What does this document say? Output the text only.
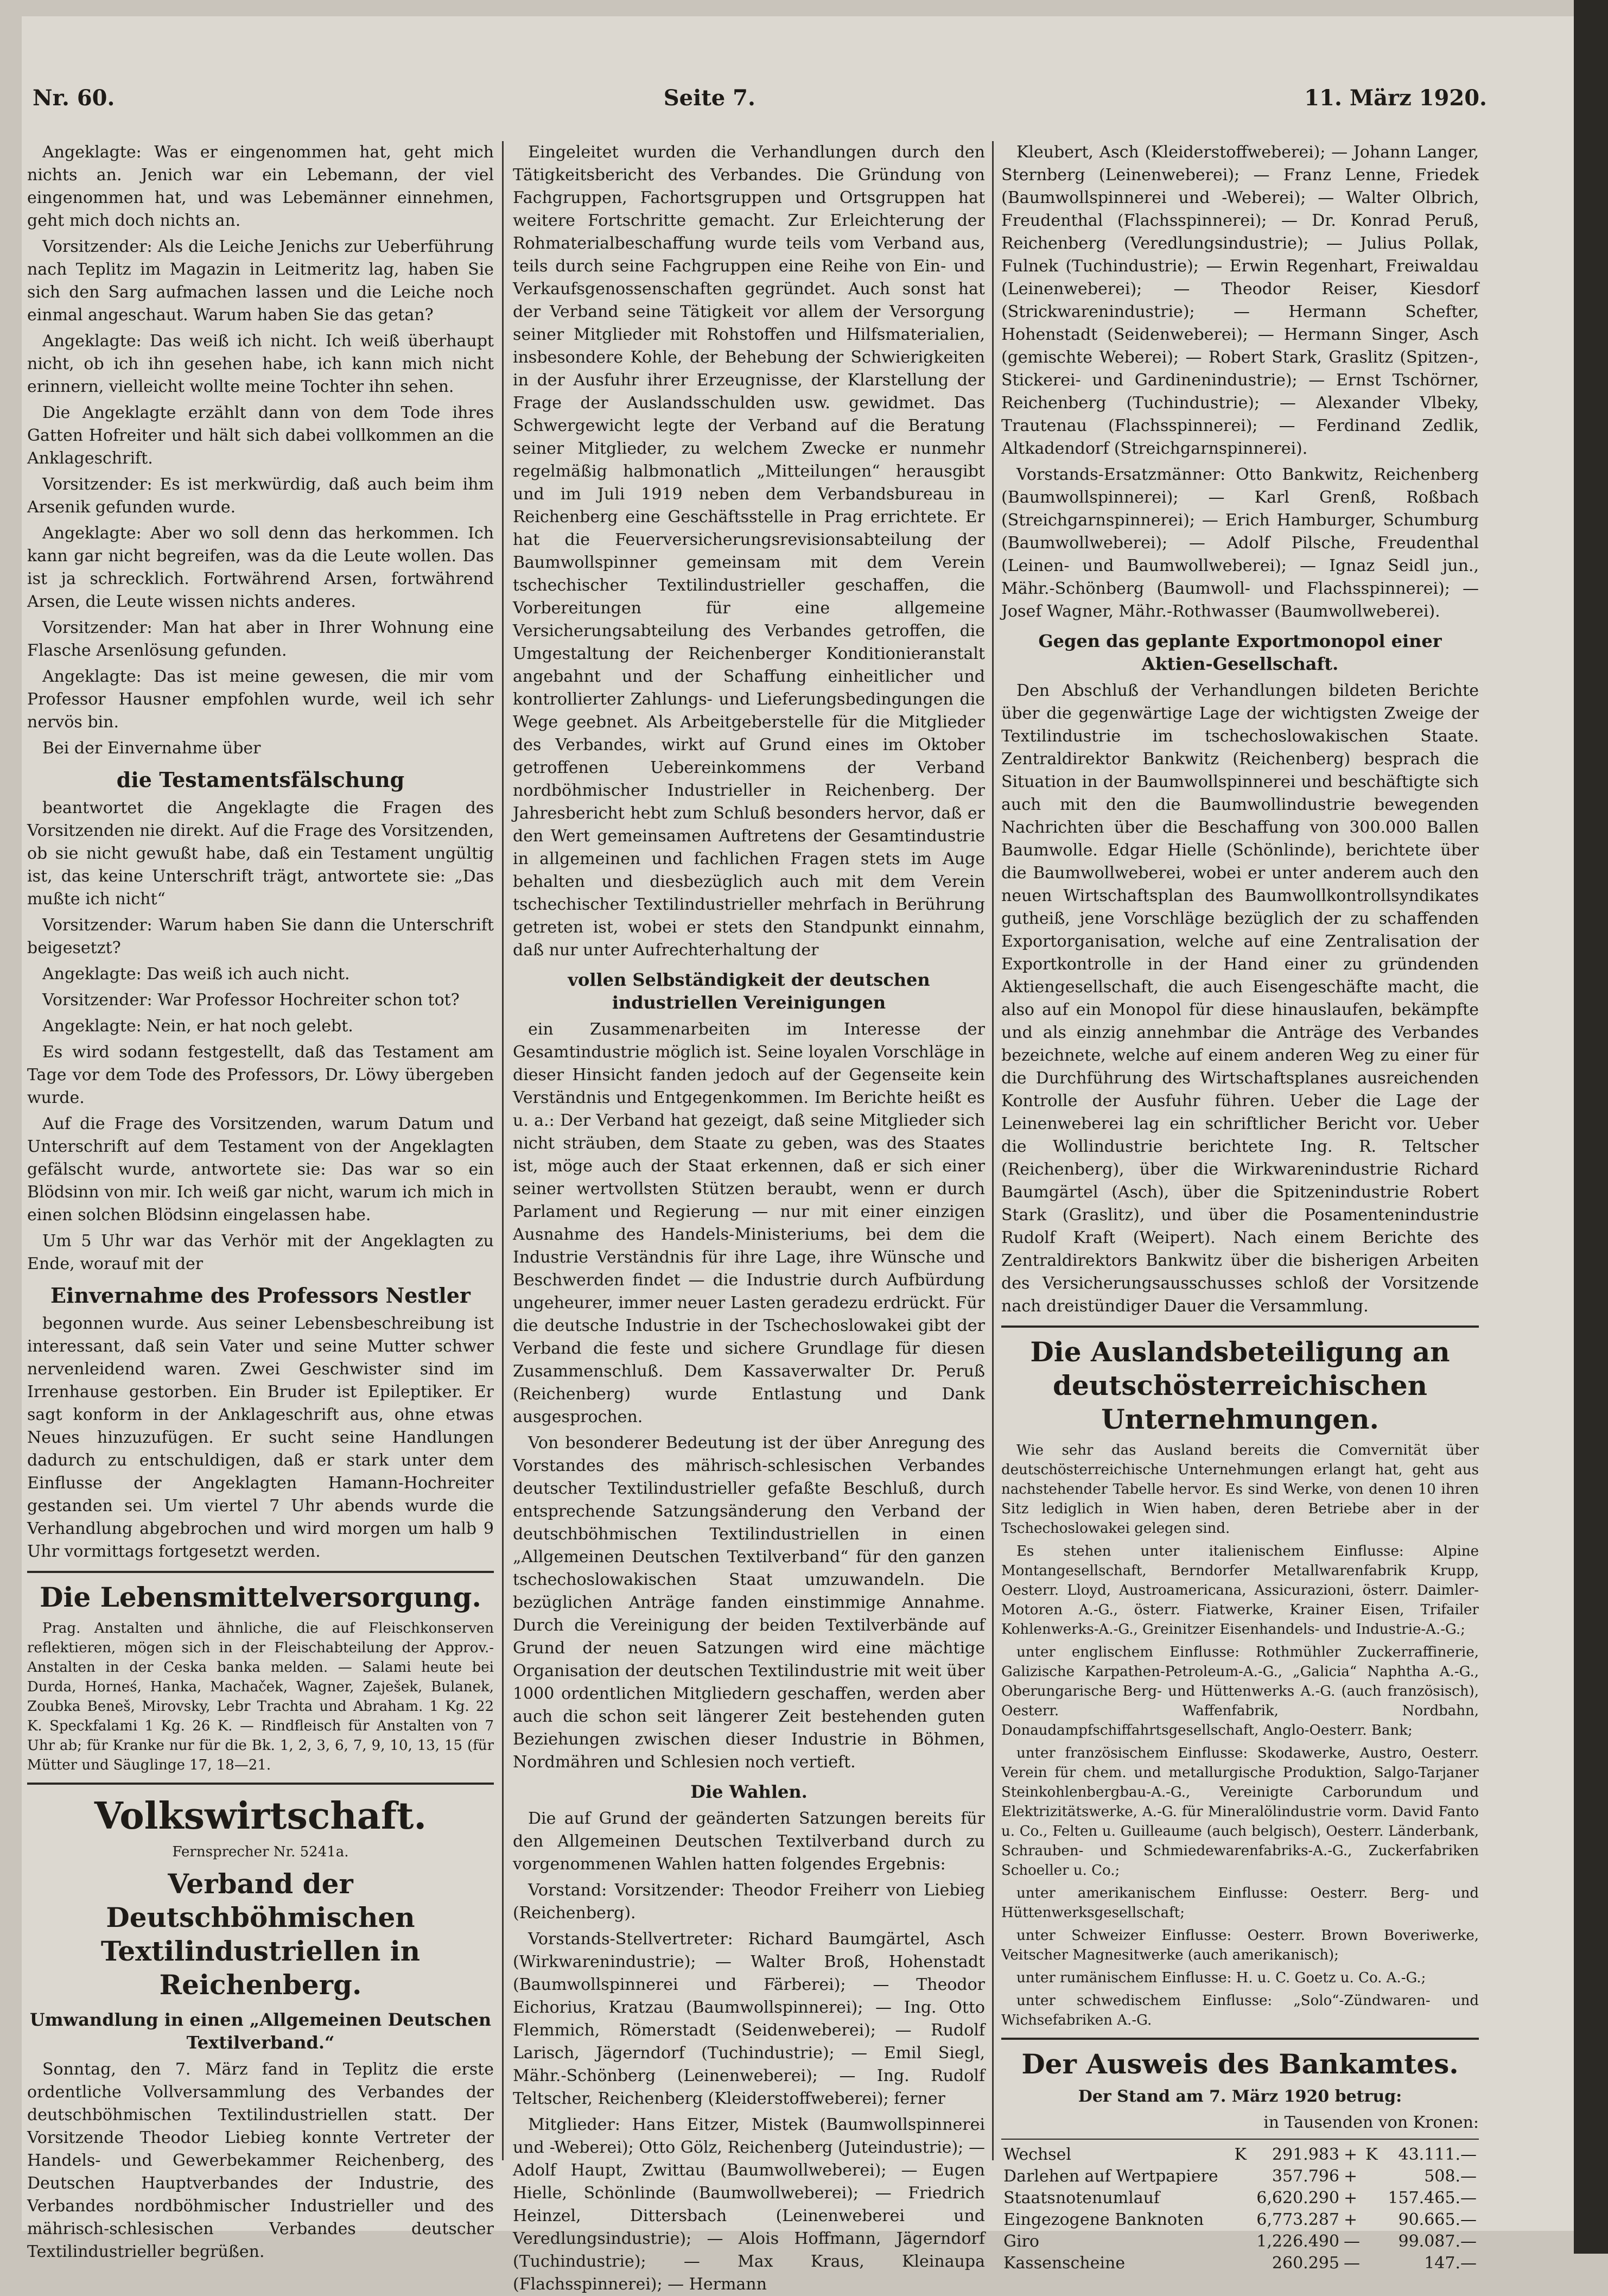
Nr. 60.	Seite 7.	11. März 1920.

Angeklagte: Was er eingenommen hat, geht mich nichts an. Jenich war ein Lebemann, der viel eingenommen hat, und was Lebemänner einnehmen, geht mich doch nichts an.

Vorsitzender: Als die Leiche Jenichs zur Ueberführung nach Teplitz im Magazin in Leitmeritz lag, haben Sie sich den Sarg aufmachen lassen und die Leiche noch einmal angeschaut. Warum haben Sie das getan?

Angeklagte: Das weiß ich nicht. Ich weiß überhaupt nicht, ob ich ihn gesehen habe, ich kann mich nicht erinnern, vielleicht wollte meine Tochter ihn sehen.

Die Angeklagte erzählt dann von dem Tode ihres Gatten Hofreiter und hält sich dabei vollkommen an die Anklageschrift.

Vorsitzender: Es ist merkwürdig, daß auch beim ihm Arsenik gefunden wurde.

Angeklagte: Aber wo soll denn das herkommen. Ich kann gar nicht begreifen, was da die Leute wollen. Das ist ja schrecklich. Fortwährend Arsen, fortwährend Arsen, die Leute wissen nichts anderes.

Vorsitzender: Man hat aber in Ihrer Wohnung eine Flasche Arsenlösung gefunden.

Angeklagte: Das ist meine gewesen, die mir vom Professor Hausner empfohlen wurde, weil ich sehr nervös bin.

Bei der Einvernahme über

die Testamentsfälschung

beantwortet die Angeklagte die Fragen des Vorsitzenden nie direkt. Auf die Frage des Vorsitzenden, ob sie nicht gewußt habe, daß ein Testament ungültig ist, das keine Unterschrift trägt, antwortete sie: „Das mußte ich nicht“

Vorsitzender: Warum haben Sie dann die Unterschrift beigesetzt?

Angeklagte: Das weiß ich auch nicht.

Vorsitzender: War Professor Hochreiter schon tot?

Angeklagte: Nein, er hat noch gelebt.

Es wird sodann festgestellt, daß das Testament am Tage vor dem Tode des Professors, Dr. Löwy übergeben wurde.

Auf die Frage des Vorsitzenden, warum Datum und Unterschrift auf dem Testament von der Angeklagten gefälscht wurde, antwortete sie: Das war so ein Blödsinn von mir. Ich weiß gar nicht, warum ich mich in einen solchen Blödsinn eingelassen habe.

Um 5 Uhr war das Verhör mit der Angeklagten zu Ende, worauf mit der

Einvernahme des Professors Nestler

begonnen wurde. Aus seiner Lebensbeschreibung ist interessant, daß sein Vater und seine Mutter schwer nervenleidend waren. Zwei Geschwister sind im Irrenhause gestorben. Ein Bruder ist Epileptiker. Er sagt konform in der Anklageschrift aus, ohne etwas Neues hinzuzufügen. Er sucht seine Handlungen dadurch zu entschuldigen, daß er stark unter dem Einflusse der Angeklagten Hamann-Hochreiter gestanden sei. Um viertel 7 Uhr abends wurde die Verhandlung abgebrochen und wird morgen um halb 9 Uhr vormittags fortgesetzt werden.

Die Lebensmittelversorgung.

Prag. Anstalten und ähnliche, die auf Fleischkonserven reflektieren, mögen sich in der Fleischabteilung der Approv.-Anstalten in der Ceska banka melden. — Salami heute bei Durda, Horneś, Hanka, Machaček, Wagner, Zaješek, Bulanek, Zoubka Beneš, Mirovsky, Lebr Trachta und Abraham. 1 Kg. 22 K. Speckfalami 1 Kg. 26 K. — Rindfleisch für Anstalten von 7 Uhr ab; für Kranke nur für die Bk. 1, 2, 3, 6, 7, 9, 10, 13, 15 (für Mütter und Säuglinge 17, 18—21.

Volkswirtschaft.
Fernsprecher Nr. 5241a.
Verband der Deutschböhmischen Textilindustriellen in Reichenberg.
Umwandlung in einen „Allgemeinen Deutschen Textilverband.“

Sonntag, den 7. März fand in Teplitz die erste ordentliche Vollversammlung des Verbandes der deutschböhmischen Textilindustriellen statt. Der Vorsitzende Theodor Liebieg konnte Vertreter der Handels- und Gewerbekammer Reichenberg, des Deutschen Hauptverbandes der Industrie, des Verbandes nordböhmischer Industrieller und des mährisch-schlesischen Verbandes deutscher Textilindustrieller begrüßen.

Eingeleitet wurden die Verhandlungen durch den Tätigkeitsbericht des Verbandes. Die Gründung von Fachgruppen, Fachortsgruppen und Ortsgruppen hat weitere Fortschritte gemacht. Zur Erleichterung der Rohmaterialbeschaffung wurde teils vom Verband aus, teils durch seine Fachgruppen eine Reihe von Ein- und Verkaufsgenossenschaften gegründet. Auch sonst hat der Verband seine Tätigkeit vor allem der Versorgung seiner Mitglieder mit Rohstoffen und Hilfsmaterialien, insbesondere Kohle, der Behebung der Schwierigkeiten in der Ausfuhr ihrer Erzeugnisse, der Klarstellung der Frage der Auslandsschulden usw. gewidmet. Das Schwergewicht legte der Verband auf die Beratung seiner Mitglieder, zu welchem Zwecke er nunmehr regelmäßig halbmonatlich „Mitteilungen“ herausgibt und im Juli 1919 neben dem Verbandsbureau in Reichenberg eine Geschäftsstelle in Prag errichtete. Er hat die Feuerversicherungsrevisionsabteilung der Baumwollspinner gemeinsam mit dem Verein tschechischer Textilindustrieller geschaffen, die Vorbereitungen für eine allgemeine Versicherungsabteilung des Verbandes getroffen, die Umgestaltung der Reichenberger Konditionieranstalt angebahnt und der Schaffung einheitlicher und kontrollierter Zahlungs- und Lieferungsbedingungen die Wege geebnet. Als Arbeitgeberstelle für die Mitglieder des Verbandes, wirkt auf Grund eines im Oktober getroffenen Uebereinkommens der Verband nordböhmischer Industrieller in Reichenberg. Der Jahresbericht hebt zum Schluß besonders hervor, daß er den Wert gemeinsamen Auftretens der Gesamtindustrie in allgemeinen und fachlichen Fragen stets im Auge behalten und diesbezüglich auch mit dem Verein tschechischer Textilindustrieller mehrfach in Berührung getreten ist, wobei er stets den Standpunkt einnahm, daß nur unter Aufrechterhaltung der

vollen Selbständigkeit der deutschen industriellen Vereinigungen

ein Zusammenarbeiten im Interesse der Gesamtindustrie möglich ist. Seine loyalen Vorschläge in dieser Hinsicht fanden jedoch auf der Gegenseite kein Verständnis und Entgegenkommen. Im Berichte heißt es u. a.: Der Verband hat gezeigt, daß seine Mitglieder sich nicht sträuben, dem Staate zu geben, was des Staates ist, möge auch der Staat erkennen, daß er sich einer seiner wertvollsten Stützen beraubt, wenn er durch Parlament und Regierung — nur mit einer einzigen Ausnahme des Handels-Ministeriums, bei dem die Industrie Verständnis für ihre Lage, ihre Wünsche und Beschwerden findet — die Industrie durch Aufbürdung ungeheurer, immer neuer Lasten geradezu erdrückt. Für die deutsche Industrie in der Tschechoslowakei gibt der Verband die feste und sichere Grundlage für diesen Zusammenschluß. Dem Kassaverwalter Dr. Peruß (Reichenberg) wurde Entlastung und Dank ausgesprochen.

Von besonderer Bedeutung ist der über Anregung des Vorstandes des mährisch-schlesischen Verbandes deutscher Textilindustrieller gefaßte Beschluß, durch entsprechende Satzungsänderung den Verband der deutschböhmischen Textilindustriellen in einen „Allgemeinen Deutschen Textilverband“ für den ganzen tschechoslowakischen Staat umzuwandeln. Die bezüglichen Anträge fanden einstimmige Annahme. Durch die Vereinigung der beiden Textilverbände auf Grund der neuen Satzungen wird eine mächtige Organisation der deutschen Textilindustrie mit weit über 1000 ordentlichen Mitgliedern geschaffen, werden aber auch die schon seit längerer Zeit bestehenden guten Beziehungen zwischen dieser Industrie in Böhmen, Nordmähren und Schlesien noch vertieft.

Die Wahlen.

Die auf Grund der geänderten Satzungen bereits für den Allgemeinen Deutschen Textilverband durch zu vorgenommenen Wahlen hatten folgendes Ergebnis:

Vorstand: Vorsitzender: Theodor Freiherr von Liebieg (Reichenberg).

Vorstands-Stellvertreter: Richard Baumgärtel, Asch (Wirkwarenindustrie); — Walter Broß, Hohenstadt (Baumwollspinnerei und Färberei); — Theodor Eichorius, Kratzau (Baumwollspinnerei); — Ing. Otto Flemmich, Römerstadt (Seidenweberei); — Rudolf Larisch, Jägerndorf (Tuchindustrie); — Emil Siegl, Mähr.-Schönberg (Leinenweberei); — Ing. Rudolf Teltscher, Reichenberg (Kleiderstoffweberei); ferner

Mitglieder: Hans Eitzer, Mistek (Baumwollspinnerei und -Weberei); Otto Gölz, Reichenberg (Juteindustrie); — Adolf Haupt, Zwittau (Baumwollweberei); — Eugen Hielle, Schönlinde (Baumwollweberei); — Friedrich Heinzel, Dittersbach (Leinenweberei und Veredlungsindustrie); — Alois Hoffmann, Jägerndorf (Tuchindustrie); — Max Kraus, Kleinaupa (Flachsspinnerei); — Hermann

Kleubert, Asch (Kleiderstoffweberei); — Johann Langer, Sternberg (Leinenweberei); — Franz Lenne, Friedek (Baumwollspinnerei und -Weberei); — Walter Olbrich, Freudenthal (Flachsspinnerei); — Dr. Konrad Peruß, Reichenberg (Veredlungsindustrie); — Julius Pollak, Fulnek (Tuchindustrie); — Erwin Regenhart, Freiwaldau (Leinenweberei); — Theodor Reiser, Kiesdorf (Strickwarenindustrie); — Hermann Schefter, Hohenstadt (Seidenweberei); — Hermann Singer, Asch (gemischte Weberei); — Robert Stark, Graslitz (Spitzen-, Stickerei- und Gardinenindustrie); — Ernst Tschörner, Reichenberg (Tuchindustrie); — Alexander Vlbeky, Trautenau (Flachsspinnerei); — Ferdinand Zedlik, Altkadendorf (Streichgarnspinnerei).

Vorstands-Ersatzmänner: Otto Bankwitz, Reichenberg (Baumwollspinnerei); — Karl Grenß, Roßbach (Streichgarnspinnerei); — Erich Hamburger, Schumburg (Baumwollweberei); — Adolf Pilsche, Freudenthal (Leinen- und Baumwollweberei); — Ignaz Seidl jun., Mähr.-Schönberg (Baumwoll- und Flachsspinnerei); — Josef Wagner, Mähr.-Rothwasser (Baumwollweberei).

Gegen das geplante Exportmonopol einer Aktien-Gesellschaft.

Den Abschluß der Verhandlungen bildeten Berichte über die gegenwärtige Lage der wichtigsten Zweige der Textilindustrie im tschechoslowakischen Staate. Zentraldirektor Bankwitz (Reichenberg) besprach die Situation in der Baumwollspinnerei und beschäftigte sich auch mit den die Baumwollindustrie bewegenden Nachrichten über die Beschaffung von 300.000 Ballen Baumwolle. Edgar Hielle (Schönlinde), berichtete über die Baumwollweberei, wobei er unter anderem auch den neuen Wirtschaftsplan des Baumwollkontrollsyndikates gutheiß, jene Vorschläge bezüglich der zu schaffenden Exportorganisation, welche auf eine Zentralisation der Exportkontrolle in der Hand einer zu gründenden Aktiengesellschaft, die auch Eisengeschäfte macht, die also auf ein Monopol für diese hinauslaufen, bekämpfte und als einzig annehmbar die Anträge des Verbandes bezeichnete, welche auf einem anderen Weg zu einer für die Durchführung des Wirtschaftsplanes ausreichenden Kontrolle der Ausfuhr führen. Ueber die Lage der Leinenweberei lag ein schriftlicher Bericht vor. Ueber die Wollindustrie berichtete Ing. R. Teltscher (Reichenberg), über die Wirkwarenindustrie Richard Baumgärtel (Asch), über die Spitzenindustrie Robert Stark (Graslitz), und über die Posamentenindustrie Rudolf Kraft (Weipert). Nach einem Berichte des Zentraldirektors Bankwitz über die bisherigen Arbeiten des Versicherungsausschusses schloß der Vorsitzende nach dreistündiger Dauer die Versammlung.

Die Auslandsbeteiligung an deutschösterreichischen Unternehmungen.

Wie sehr das Ausland bereits die Comvernität über deutschösterreichische Unternehmungen erlangt hat, geht aus nachstehender Tabelle hervor. Es sind Werke, von denen 10 ihren Sitz lediglich in Wien haben, deren Betriebe aber in der Tschechoslowakei gelegen sind.

Es stehen unter italienischem Einflusse: Alpine Montangesellschaft, Berndorfer Metallwarenfabrik Krupp, Oesterr. Lloyd, Austroamericana, Assicurazioni, österr. Daimler-Motoren A.-G., österr. Fiatwerke, Krainer Eisen, Trifailer Kohlenwerks-A.-G., Greinitzer Eisenhandels- und Industrie-A.-G.;

unter englischem Einflusse: Rothmühler Zuckerraffinerie, Galizische Karpathen-Petroleum-A.-G., „Galicia“ Naphtha A.-G., Oberungarische Berg- und Hüttenwerks A.-G. (auch französisch), Oesterr. Waffenfabrik, Nordbahn, Donaudampfschiffahrtsgesellschaft, Anglo-Oesterr. Bank;

unter französischem Einflusse: Skodawerke, Austro, Oesterr. Verein für chem. und metallurgische Produktion, Salgo-Tarjaner Steinkohlenbergbau-A.-G., Vereinigte Carborundum und Elektrizitätswerke, A.-G. für Mineralölindustrie vorm. David Fanto u. Co., Felten u. Guilleaume (auch belgisch), Oesterr. Länderbank, Schrauben- und Schmiedewarenfabriks-A.-G., Zuckerfabriken Schoeller u. Co.;

unter amerikanischem Einflusse: Oesterr. Berg- und Hüttenwerksgesellschaft;

unter Schweizer Einflusse: Oesterr. Brown Boveriwerke, Veitscher Magnesitwerke (auch amerikanisch);

unter rumänischem Einflusse: H. u. C. Goetz u. Co. A.-G.;

unter schwedischem Einflusse: „Solo“-Zündwaren- und Wichsefabriken A.-G.

Der Ausweis des Bankamtes.
Der Stand am 7. März 1920 betrug:
in Tausenden von Kronen:
Wechsel	K	291.983	+	K	43.111.—
Darlehen auf Wertpapiere		357.796	+		508.—
Staatsnotenumlauf		6,620.290	+		157.465.—
Eingezogene Banknoten		6,773.287	+		90.665.—
Giro		1,226.490	—		99.087.—
Kassenscheine		260.295	—		147.—
